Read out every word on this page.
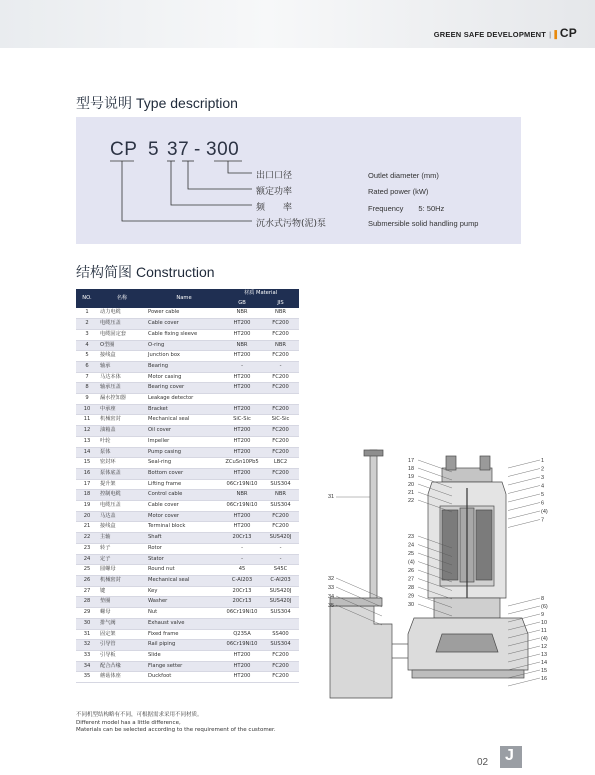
GREEN SAFE DEVELOPMENT | ▌CP
型号说明 Type description
CP 5 37 - 300
出口口径
额定功率
频　　率
沉水式污物(泥)泵
Outlet diameter (mm)
Rated power (kW)
Frequency　　5: 50Hz
Submersible solid handling pump
结构简图 Construction
NO.	名称	Name	材质 Material	
			GB	JIS
1	动力电缆	Power cable	NBR	NBR
2	电缆压盖	Cable cover	HT200	FC200
3	电缆固定套	Cable fixing sleeve	HT200	FC200
4	O型圈	O-ring	NBR	NBR
5	接线盒	Junction box	HT200	FC200
6	轴承	Bearing	-	-
7	马达本体	Motor casing	HT200	FC200
8	轴承压盖	Bearing cover	HT200	FC200
9	漏水控知器	Leakage detector		
10	中承座	Bracket	HT200	FC200
11	机械密封	Mechanical seal	SiC-Sic	SiC-Sic
12	油箱盖	Oil cover	HT200	FC200
13	叶轮	Impeller	HT200	FC200
14	泵体	Pump casing	HT200	FC200
15	密封环	Seal-ring	ZCuSn10Pb5	LBC2
16	泵体底盖	Bottom cover	HT200	FC200
17	提升架	Lifting frame	06Cr19Ni10	SUS304
18	控制电缆	Control cable	NBR	NBR
19	电缆压盖	Cable cover	06Cr19Ni10	SUS304
20	马达盖	Motor cover	HT200	FC200
21	接线盒	Terminal block	HT200	FC200
22	主轴	Shaft	20Cr13	SUS420J
23	转子	Rotor	-	-
24	定子	Stator	-	-
25	圆螺母	Round nut	45	S45C
26	机械密封	Mechanical seal	C-Al203	C-Al203
27	键	Key	20Cr13	SUS420J
28	垫圈	Washer	20Cr13	SUS420J
29	螺母	Nut	06Cr19Ni10	SUS304
30	排气阀	Exhaust valve		
31	固定架	Fixed frame	Q235A	SS400
32	引导管	Rail piping	06Cr19Ni10	SUS304
33	引导板	Slide	HT200	FC200
34	配合凸缘	Flange setter	HT200	FC200
35	蘑菇体座	Duckfoot	HT200	FC200
不同机型结构略有不同，可根据需求采用不同材质。
Different model has a little difference,
Materials can be selected according to the requirement of the customer.
31
32
33
34
35
17
18
19
20
21
22
23
24
25
(4)
26
27
28
29
30
1
2
3
4
5
6
(4)
7
8
(6)
9
10
11
(4)
12
13
14
15
16
02 J
